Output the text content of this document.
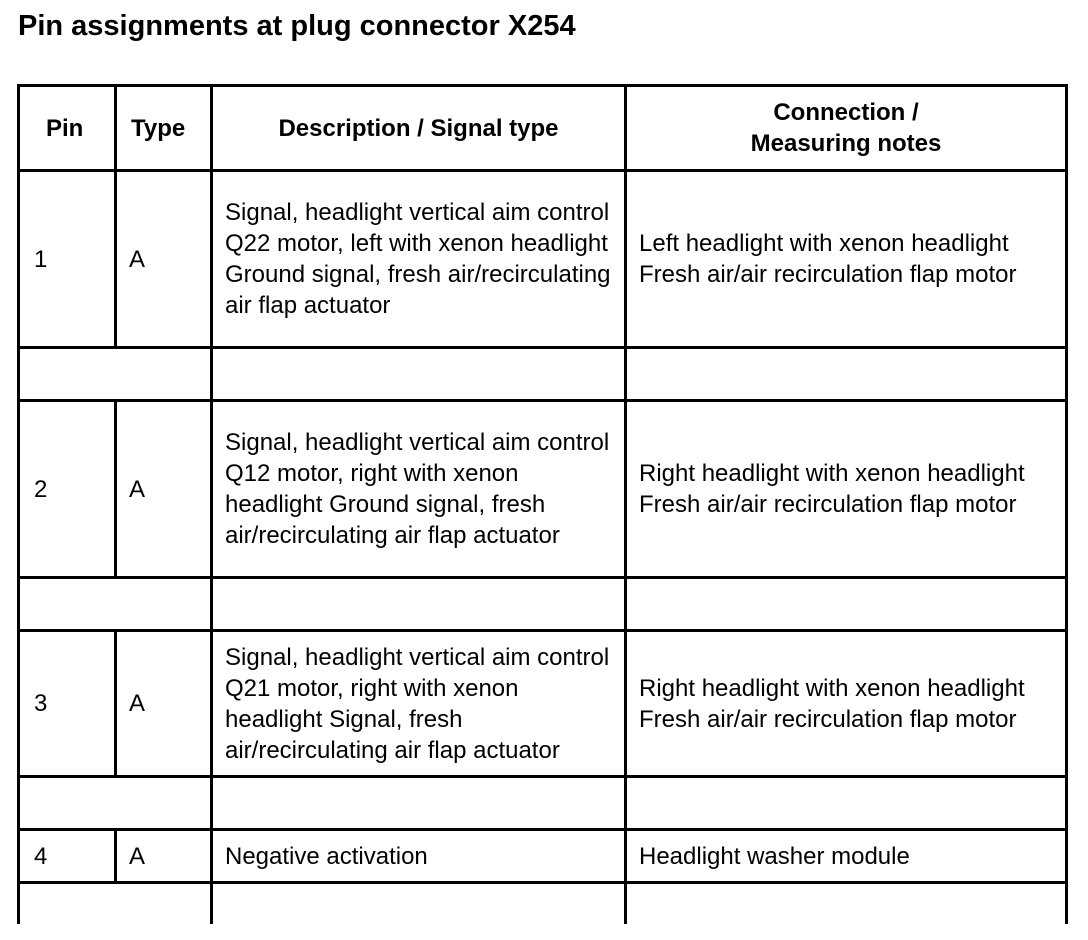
Pin assignments at plug connector X254
Pin	Type	Description / Signal type	Connection /
Measuring notes
1	A	Signal, headlight vertical aim control Q22 motor, left with xenon headlight Ground signal, fresh air/recirculating air flap actuator	Left headlight with xenon headlight Fresh air/air recirculation flap motor

2	A	Signal, headlight vertical aim control Q12 motor, right with xenon headlight Ground signal, fresh air/recirculating air flap actuator	Right headlight with xenon headlight Fresh air/air recirculation flap motor

3	A	Signal, headlight vertical aim control Q21 motor, right with xenon headlight Signal, fresh air/recirculating air flap actuator	Right headlight with xenon headlight Fresh air/air recirculation flap motor

4	A	Negative activation	Headlight washer module
